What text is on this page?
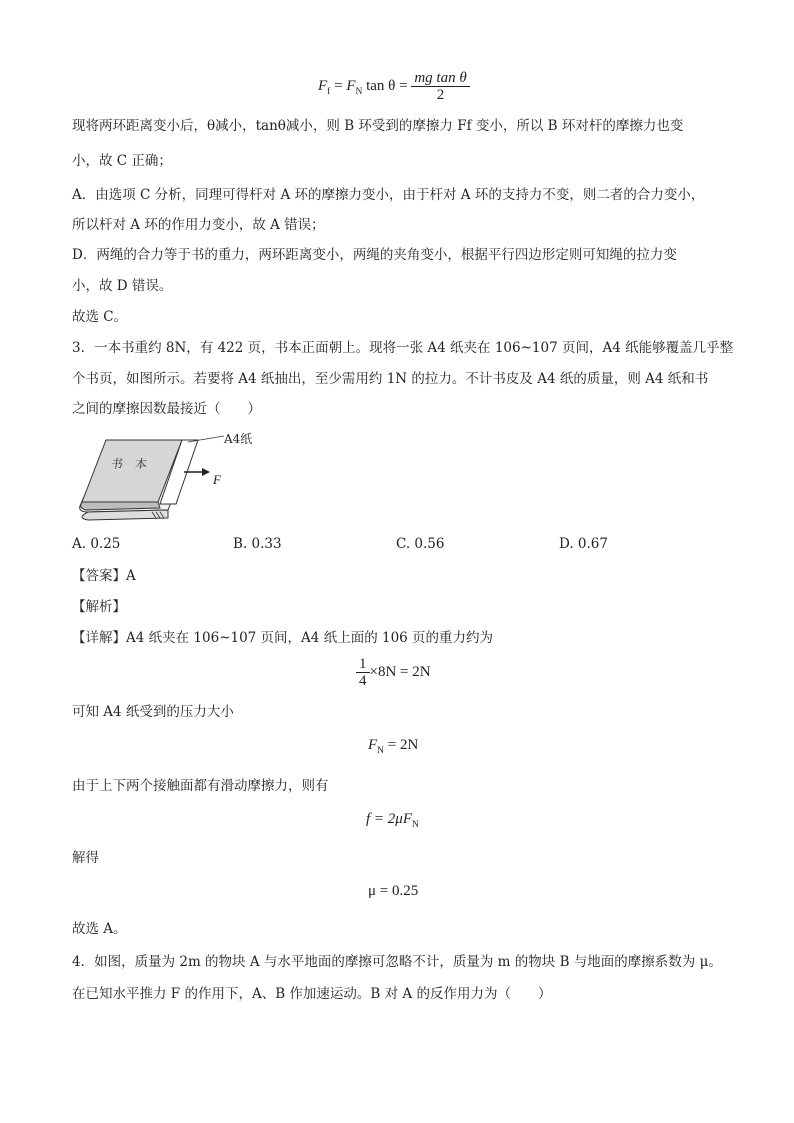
$F_f = F_N$ $\tan \theta = \frac{\text{mg tan θ}}{2}$
现将两环距离变小后，θ减小，tanθ减小，则 B 环受到的摩擦力 Ff 变小，所以 B 环对杆的摩擦力也变
小，故 C 正确；
A．由选项 C 分析，同理可得杆对 A 环的摩擦力变小，由于杆对 A 环的支持力不变，则二者的合力变小，
所以杆对 A 环的作用力变小，故 A 错误；
D．两绳的合力等于书的重力，两环距离变小，两绳的夹角变小，根据平行四边形定则可知绳的拉力变
小，故 D 错误。
故选 C。
3．一本书重约 8N，有 422 页，书本正面朝上。现将一张 A4 纸夹在 106~107 页间，A4 纸能够覆盖几乎整
个书页，如图所示。若要将 A4 纸抽出，至少需用约 1N 的拉力。不计书皮及 A4 纸的质量，则 A4 纸和书
之间的摩擦因数最接近（　　）
书　本
A4纸
F
A. 0.25	B. 0.33	C. 0.56	D. 0.67
【答案】A
【解析】
【详解】A4 纸夹在 106~107 页间，A4 纸上面的 106 页的重力约为
$\frac{1}{4} \times 8N = 2N$
可知 A4 纸受到的压力大小
$F_N = 2N$
由于上下两个接触面都有滑动摩擦力，则有
$f = 2\mu F_N$
解得
μ = 0.25
故选 A。
4．如图，质量为 2m 的物块 A 与水平地面的摩擦可忽略不计，质量为 m 的物块 B 与地面的摩擦系数为 μ。
在已知水平推力 F 的作用下，A、B 作加速运动。B 对 A 的反作用力为（　　）
